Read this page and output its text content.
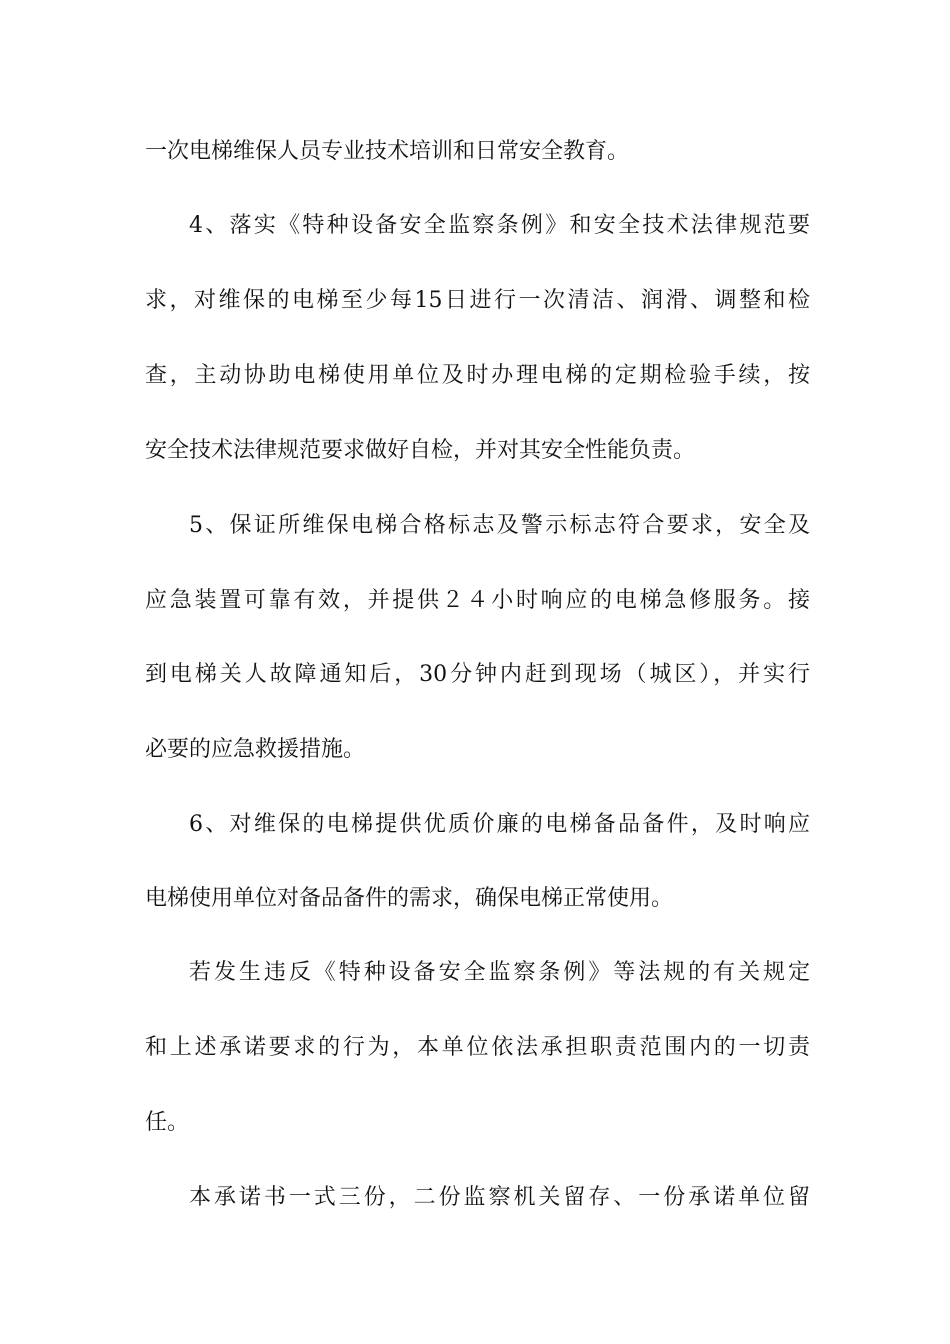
一次电梯维保人员专业技术培训和日常安全教育。
4、落实《特种设备安全监察条例》和安全技术法律规范要
求，对维保的电梯至少每15日进行一次清洁、润滑、调整和检
查，主动协助电梯使用单位及时办理电梯的定期检验手续，按
安全技术法律规范要求做好自检，并对其安全性能负责。
5、保证所维保电梯合格标志及警示标志符合要求，安全及
应急装置可靠有效，并提供２４小时响应的电梯急修服务。接
到电梯关人故障通知后，30分钟内赶到现场（城区），并实行
必要的应急救援措施。
6、对维保的电梯提供优质价廉的电梯备品备件，及时响应
电梯使用单位对备品备件的需求，确保电梯正常使用。
若发生违反《特种设备安全监察条例》等法规的有关规定
和上述承诺要求的行为，本单位依法承担职责范围内的一切责
任。
本承诺书一式三份，二份监察机关留存、一份承诺单位留
